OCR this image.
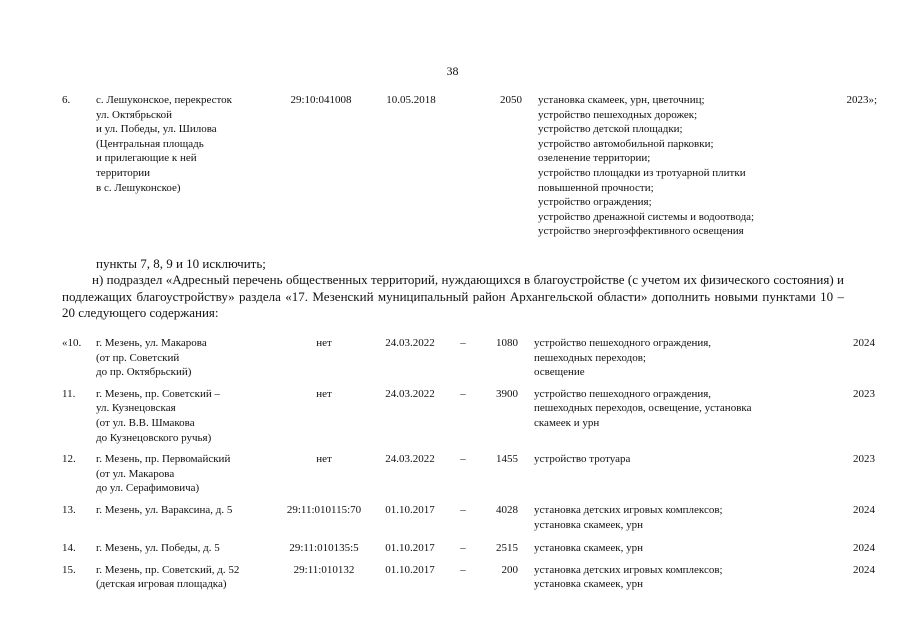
38
6.	с. Лешуконское, перекресток
ул. Октябрьской
и ул. Победы, ул. Шилова
(Центральная площадь
и прилегающие к ней
территории
в с. Лешуконское)	29:10:041008	10.05.2018	2050		установка скамеек, урн, цветочниц;
устройство пешеходных дорожек;
устройство детской площадки;
устройство автомобильной парковки;
озеленение территории;
устройство площадки из тротуарной плитки
повышенной прочности;
устройство ограждения;
устройство дренажной системы и водоотвода;
устройство энергоэффективного освещения	2023»;
пункты 7, 8, 9 и 10 исключить;
н) подраздел «Адресный перечень общественных территорий, нуждающихся в благоустройстве (с учетом их физического состояния) и подлежащих благоустройству» раздела «17. Мезенский муниципальный район Архангельской области» дополнить новыми пунктами 10 – 20 следующего содержания:
«10.	г. Мезень, ул. Макарова
(от пр. Советский
до пр. Октябрьский)	нет	24.03.2022	–	1080		устройство пешеходного ограждения,
пешеходных переходов;
освещение	2024
11.	г. Мезень, пр. Советский –
ул. Кузнецовская
(от ул. В.В. Шмакова
до Кузнецовского ручья)	нет	24.03.2022	–	3900		устройство пешеходного ограждения,
пешеходных переходов, освещение, установка
скамеек и урн	2023
12.	г. Мезень, пр. Первомайский
(от ул. Макарова
до ул. Серафимовича)	нет	24.03.2022	–	1455		устройство тротуара	2023
13.	г. Мезень, ул. Вараксина, д. 5	29:11:010115:70	01.10.2017	–	4028		установка детских игровых комплексов;
установка скамеек, урн	2024
14.	г. Мезень, ул. Победы, д. 5	29:11:010135:5	01.10.2017	–	2515		установка скамеек, урн	2024
15.	г. Мезень, пр. Советский, д. 52
(детская игровая площадка)	29:11:010132	01.10.2017	–	200		установка детских игровых комплексов;
установка скамеек, урн	2024
